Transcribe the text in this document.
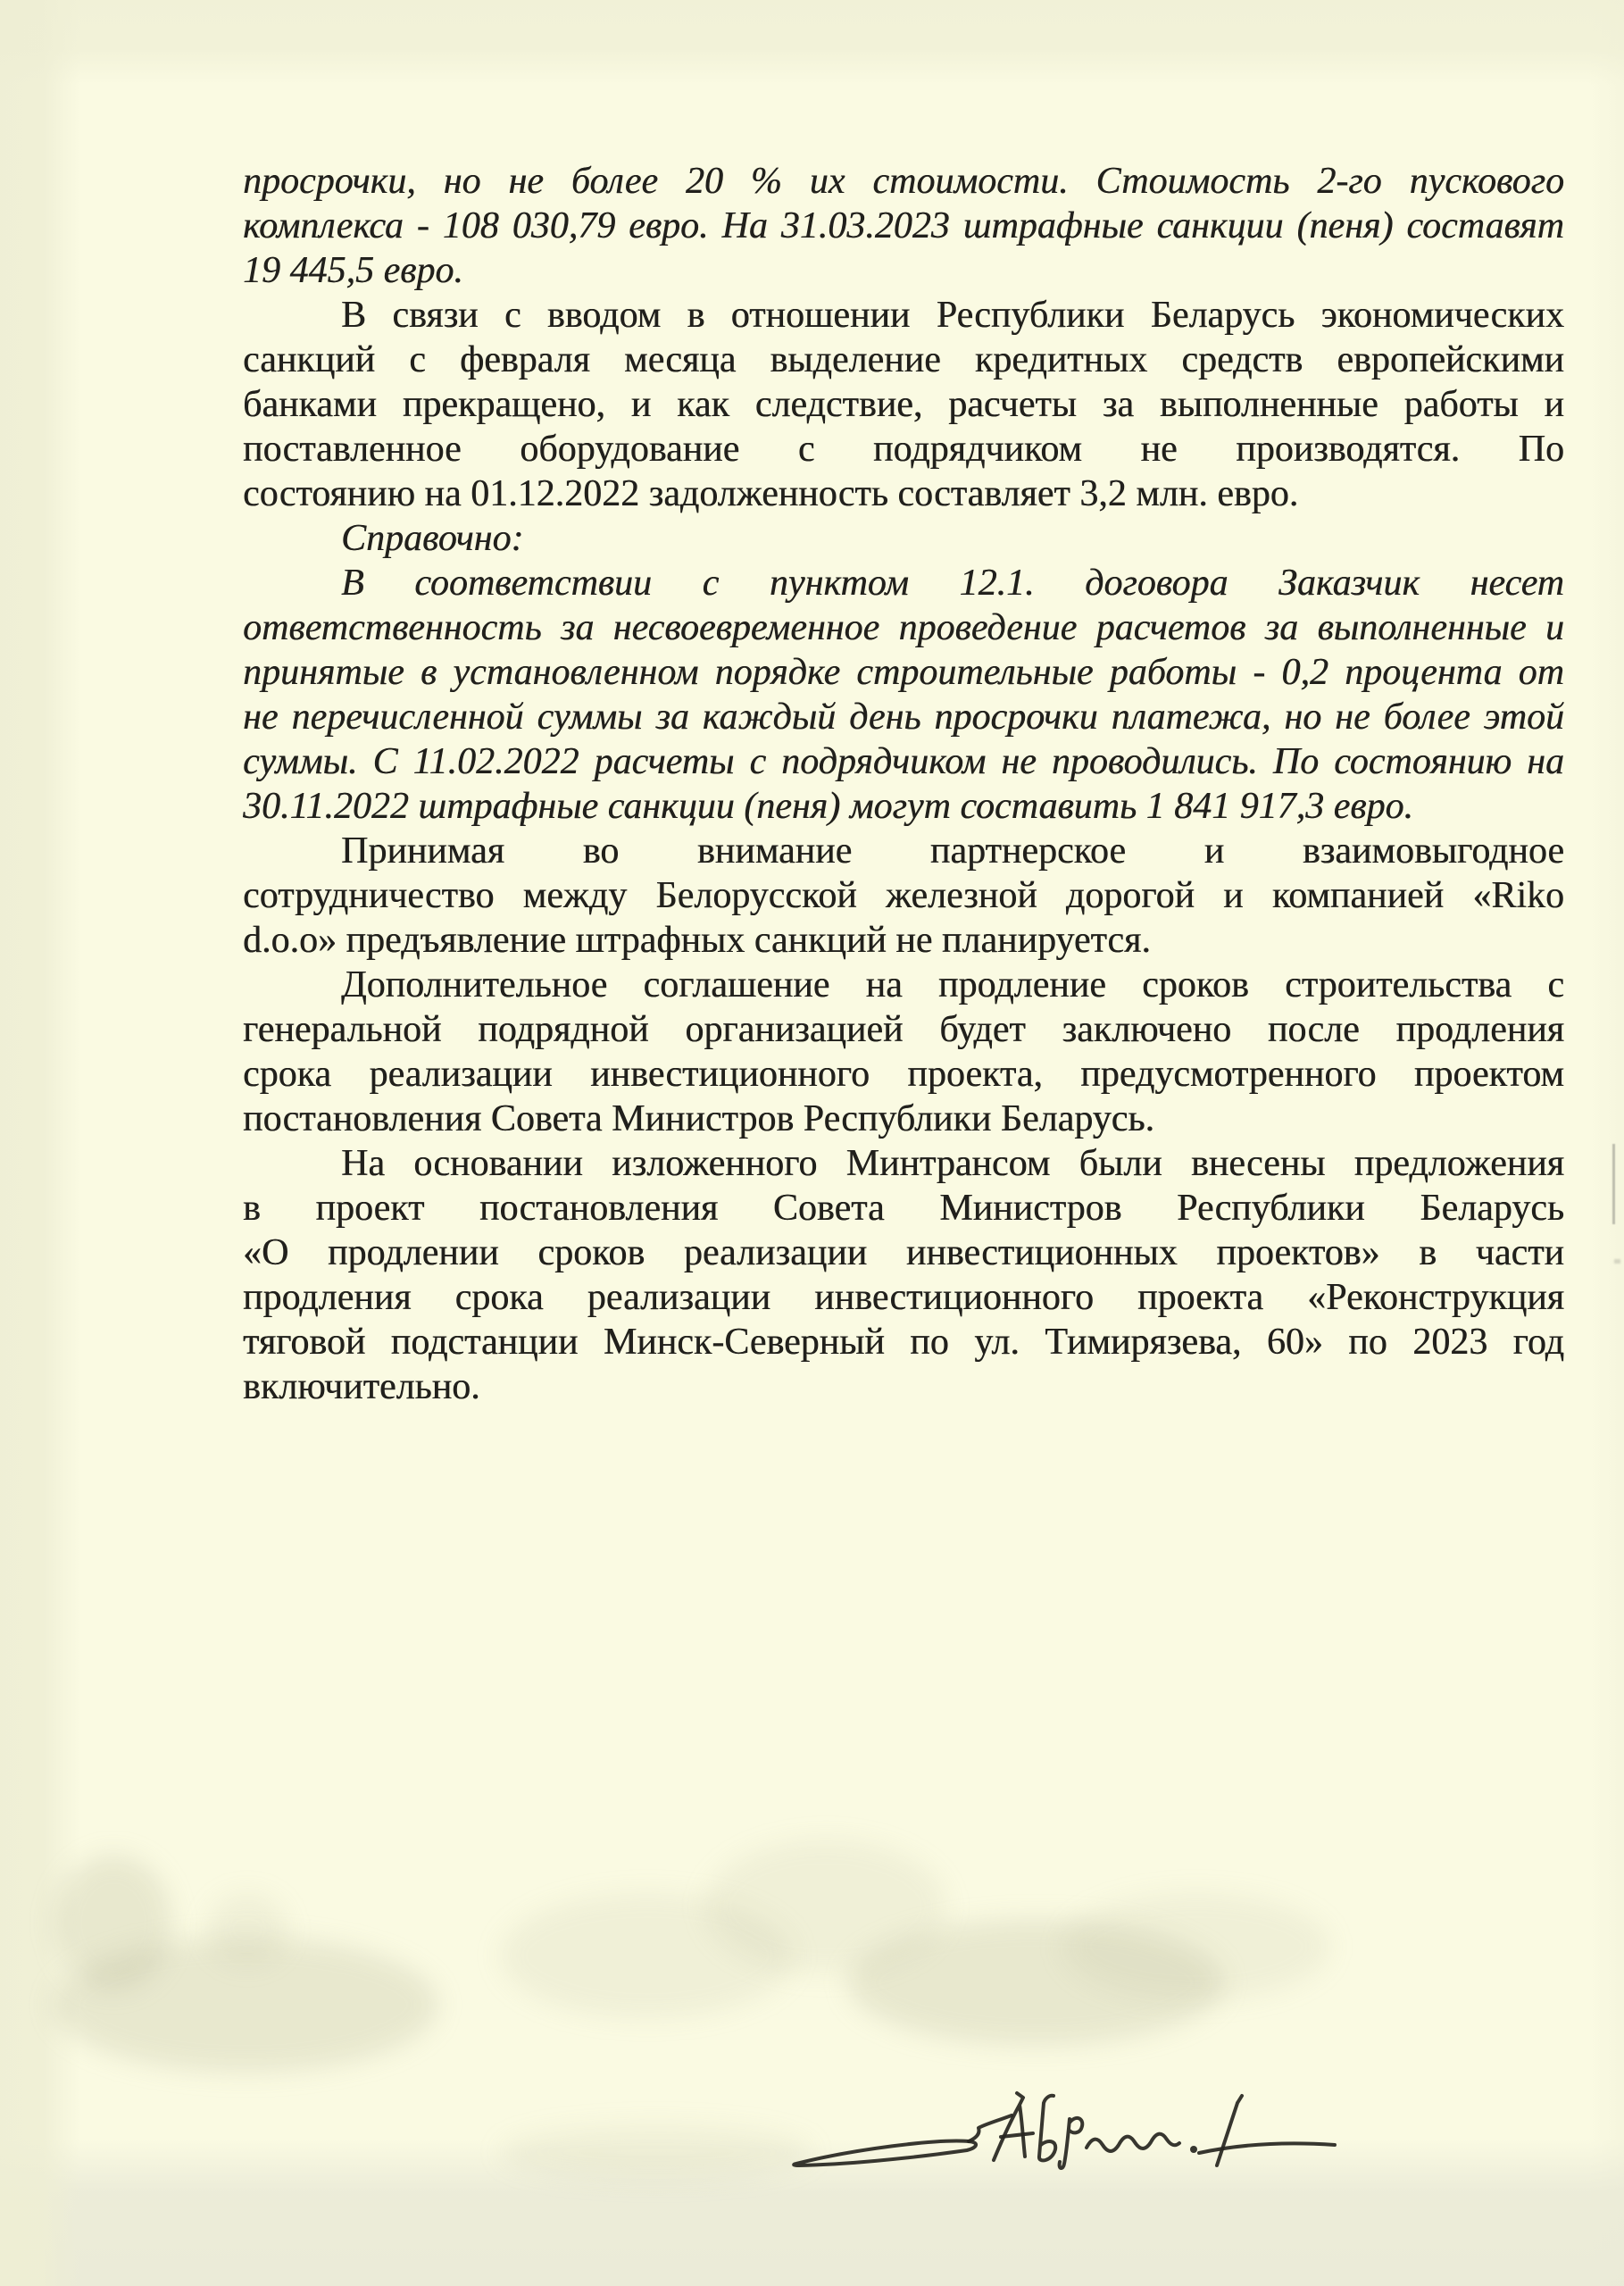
просрочки, но не более 20 % их стоимости. Стоимость 2-го пускового
комплекса - 108 030,79 евро. На 31.03.2023 штрафные санкции (пеня) составят
19 445,5 евро.
В связи с вводом в отношении Республики Беларусь экономических
санкций с февраля месяца выделение кредитных средств европейскими
банками прекращено, и как следствие, расчеты за выполненные работы и
поставленное оборудование с подрядчиком не производятся. По
состоянию на 01.12.2022 задолженность составляет 3,2 млн. евро.
Справочно:
В соответствии с пунктом 12.1. договора Заказчик несет
ответственность за несвоевременное проведение расчетов за выполненные и
принятые в установленном порядке строительные работы - 0,2 процента от
не перечисленной суммы за каждый день просрочки платежа, но не более этой
суммы. С 11.02.2022 расчеты с подрядчиком не проводились. По состоянию на
30.11.2022 штрафные санкции (пеня) могут составить 1 841 917,3 евро.
Принимая во внимание партнерское и взаимовыгодное
сотрудничество между Белорусской железной дорогой и компанией «Riko
d.o.o» предъявление штрафных санкций не планируется.
Дополнительное соглашение на продление сроков строительства с
генеральной подрядной организацией будет заключено после продления
срока реализации инвестиционного проекта, предусмотренного проектом
постановления Совета Министров Республики Беларусь.
На основании изложенного Минтрансом были внесены предложения
в проект постановления Совета Министров Республики Беларусь
«О продлении сроков реализации инвестиционных проектов» в части
продления срока реализации инвестиционного проекта «Реконструкция
тяговой подстанции Минск-Северный по ул. Тимирязева, 60» по 2023 год
включительно.
